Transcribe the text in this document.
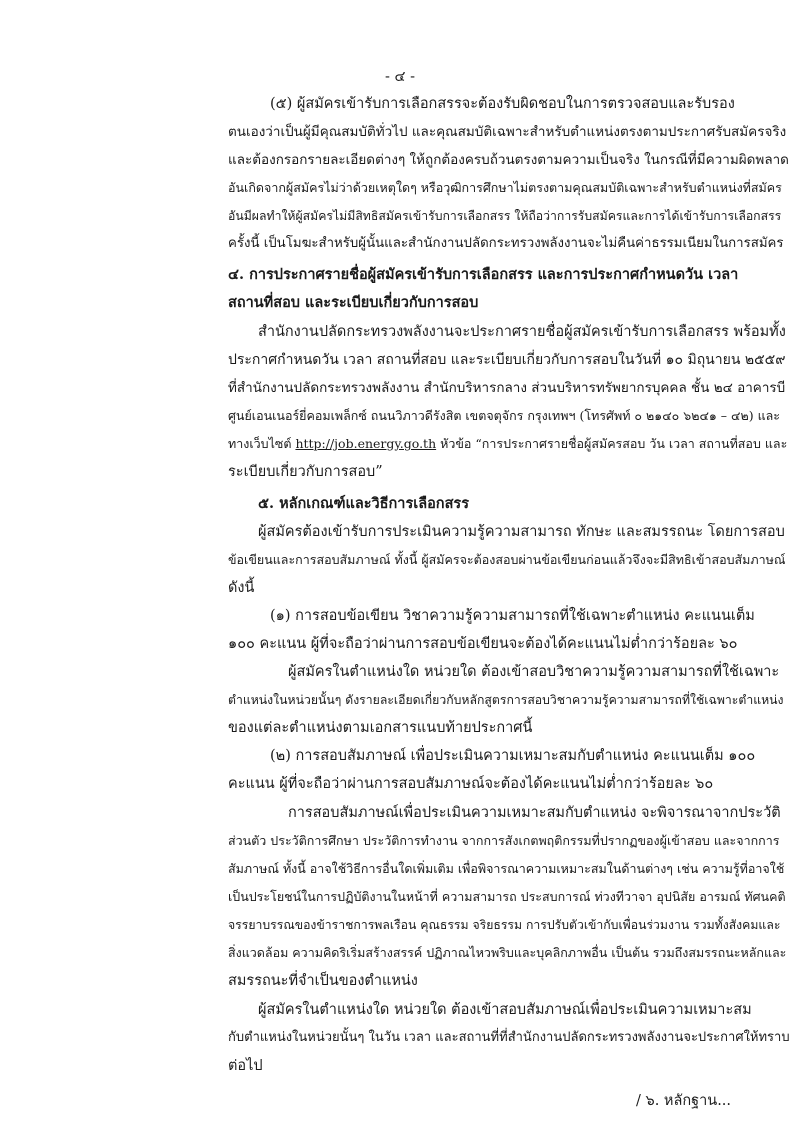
- ๔ -
(๕) ผู้สมัครเข้ารับการเลือกสรรจะต้องรับผิดชอบในการตรวจสอบและรับรอง
ตนเองว่าเป็นผู้มีคุณสมบัติทั่วไป และคุณสมบัติเฉพาะสำหรับตำแหน่งตรงตามประกาศรับสมัครจริง
และต้องกรอกรายละเอียดต่างๆ ให้ถูกต้องครบถ้วนตรงตามความเป็นจริง ในกรณีที่มีความผิดพลาด
อันเกิดจากผู้สมัครไม่ว่าด้วยเหตุใดๆ หรือวุฒิการศึกษาไม่ตรงตามคุณสมบัติเฉพาะสำหรับตำแหน่งที่สมัคร
อันมีผลทำให้ผู้สมัครไม่มีสิทธิสมัครเข้ารับการเลือกสรร ให้ถือว่าการรับสมัครและการได้เข้ารับการเลือกสรร
ครั้งนี้ เป็นโมฆะสำหรับผู้นั้นและสำนักงานปลัดกระทรวงพลังงานจะไม่คืนค่าธรรมเนียมในการสมัคร
๔. การประกาศรายชื่อผู้สมัครเข้ารับการเลือกสรร และการประกาศกำหนดวัน เวลา
สถานที่สอบ และระเบียบเกี่ยวกับการสอบ
สำนักงานปลัดกระทรวงพลังงานจะประกาศรายชื่อผู้สมัครเข้ารับการเลือกสรร พร้อมทั้ง
ประกาศกำหนดวัน เวลา สถานที่สอบ และระเบียบเกี่ยวกับการสอบในวันที่ ๑๐ มิถุนายน ๒๕๕๙
ที่สำนักงานปลัดกระทรวงพลังงาน สำนักบริหารกลาง ส่วนบริหารทรัพยากรบุคคล ชั้น ๒๔ อาคารบี
ศูนย์เอนเนอร์ยี่คอมเพล็กซ์ ถนนวิภาวดีรังสิต เขตจตุจักร กรุงเทพฯ (โทรศัพท์ ๐ ๒๑๔๐ ๖๒๔๑ – ๔๒) และ
ทางเว็บไซต์ http://job.energy.go.th หัวข้อ “การประกาศรายชื่อผู้สมัครสอบ วัน เวลา สถานที่สอบ และ
ระเบียบเกี่ยวกับการสอบ”
๕. หลักเกณฑ์และวิธีการเลือกสรร
ผู้สมัครต้องเข้ารับการประเมินความรู้ความสามารถ ทักษะ และสมรรถนะ โดยการสอบ
ข้อเขียนและการสอบสัมภาษณ์ ทั้งนี้ ผู้สมัครจะต้องสอบผ่านข้อเขียนก่อนแล้วจึงจะมีสิทธิเข้าสอบสัมภาษณ์
ดังนี้
(๑) การสอบข้อเขียน วิชาความรู้ความสามารถที่ใช้เฉพาะตำแหน่ง คะแนนเต็ม
๑๐๐ คะแนน ผู้ที่จะถือว่าผ่านการสอบข้อเขียนจะต้องได้คะแนนไม่ต่ำกว่าร้อยละ ๖๐
ผู้สมัครในตำแหน่งใด หน่วยใด ต้องเข้าสอบวิชาความรู้ความสามารถที่ใช้เฉพาะ
ตำแหน่งในหน่วยนั้นๆ ดังรายละเอียดเกี่ยวกับหลักสูตรการสอบวิชาความรู้ความสามารถที่ใช้เฉพาะตำแหน่ง
ของแต่ละตำแหน่งตามเอกสารแนบท้ายประกาศนี้
(๒) การสอบสัมภาษณ์ เพื่อประเมินความเหมาะสมกับตำแหน่ง คะแนนเต็ม ๑๐๐
คะแนน ผู้ที่จะถือว่าผ่านการสอบสัมภาษณ์จะต้องได้คะแนนไม่ต่ำกว่าร้อยละ ๖๐
การสอบสัมภาษณ์เพื่อประเมินความเหมาะสมกับตำแหน่ง จะพิจารณาจากประวัติ
ส่วนตัว ประวัติการศึกษา ประวัติการทำงาน จากการสังเกตพฤติกรรมที่ปรากฏของผู้เข้าสอบ และจากการ
สัมภาษณ์ ทั้งนี้ อาจใช้วิธีการอื่นใดเพิ่มเติม เพื่อพิจารณาความเหมาะสมในด้านต่างๆ เช่น ความรู้ที่อาจใช้
เป็นประโยชน์ในการปฏิบัติงานในหน้าที่ ความสามารถ ประสบการณ์ ท่วงทีวาจา อุปนิสัย อารมณ์ ทัศนคติ
จรรยาบรรณของข้าราชการพลเรือน คุณธรรม จริยธรรม การปรับตัวเข้ากับเพื่อนร่วมงาน รวมทั้งสังคมและ
สิ่งแวดล้อม ความคิดริเริ่มสร้างสรรค์ ปฏิภาณไหวพริบและบุคลิกภาพอื่น เป็นต้น รวมถึงสมรรถนะหลักและ
สมรรถนะที่จำเป็นของตำแหน่ง
ผู้สมัครในตำแหน่งใด หน่วยใด ต้องเข้าสอบสัมภาษณ์เพื่อประเมินความเหมาะสม
กับตำแหน่งในหน่วยนั้นๆ ในวัน เวลา และสถานที่ที่สำนักงานปลัดกระทรวงพลังงานจะประกาศให้ทราบ
ต่อไป
/ ๖. หลักฐาน...
